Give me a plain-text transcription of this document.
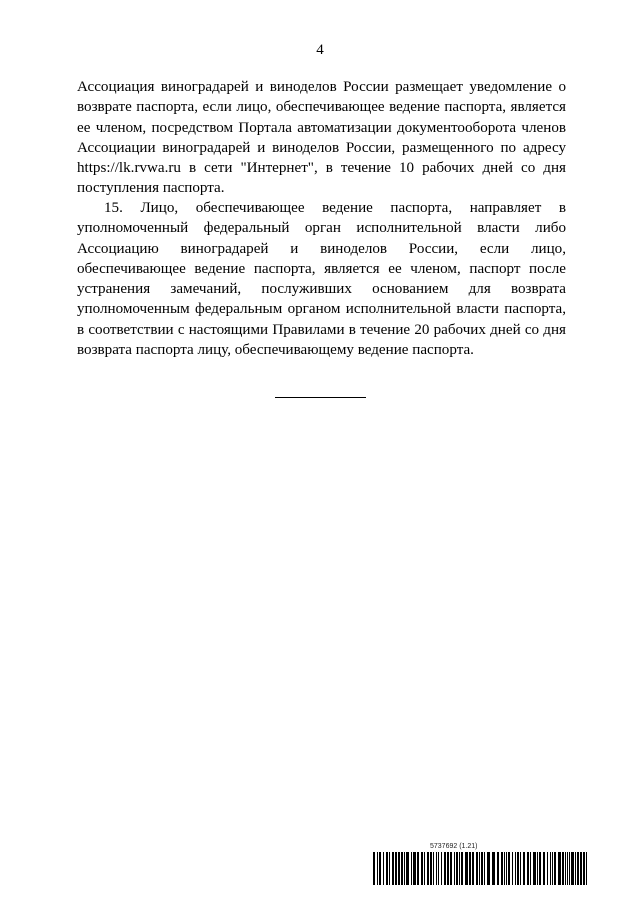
4
Ассоциация виноградарей и виноделов России размещает уведомление о возврате паспорта, если лицо, обеспечивающее ведение паспорта, является ее членом, посредством Портала автоматизации документооборота членов Ассоциации виноградарей и виноделов России, размещенного по адресу https://lk.rvwa.ru в сети "Интернет", в течение 10 рабочих дней со дня поступления паспорта.
15. Лицо, обеспечивающее ведение паспорта, направляет в уполномоченный федеральный орган исполнительной власти либо Ассоциацию виноградарей и виноделов России, если лицо, обеспечивающее ведение паспорта, является ее членом, паспорт после устранения замечаний, послуживших основанием для возврата уполномоченным федеральным органом исполнительной власти паспорта, в соответствии с настоящими Правилами в течение 20 рабочих дней со дня возврата паспорта лицу, обеспечивающему ведение паспорта.
5737692 (1.21)
